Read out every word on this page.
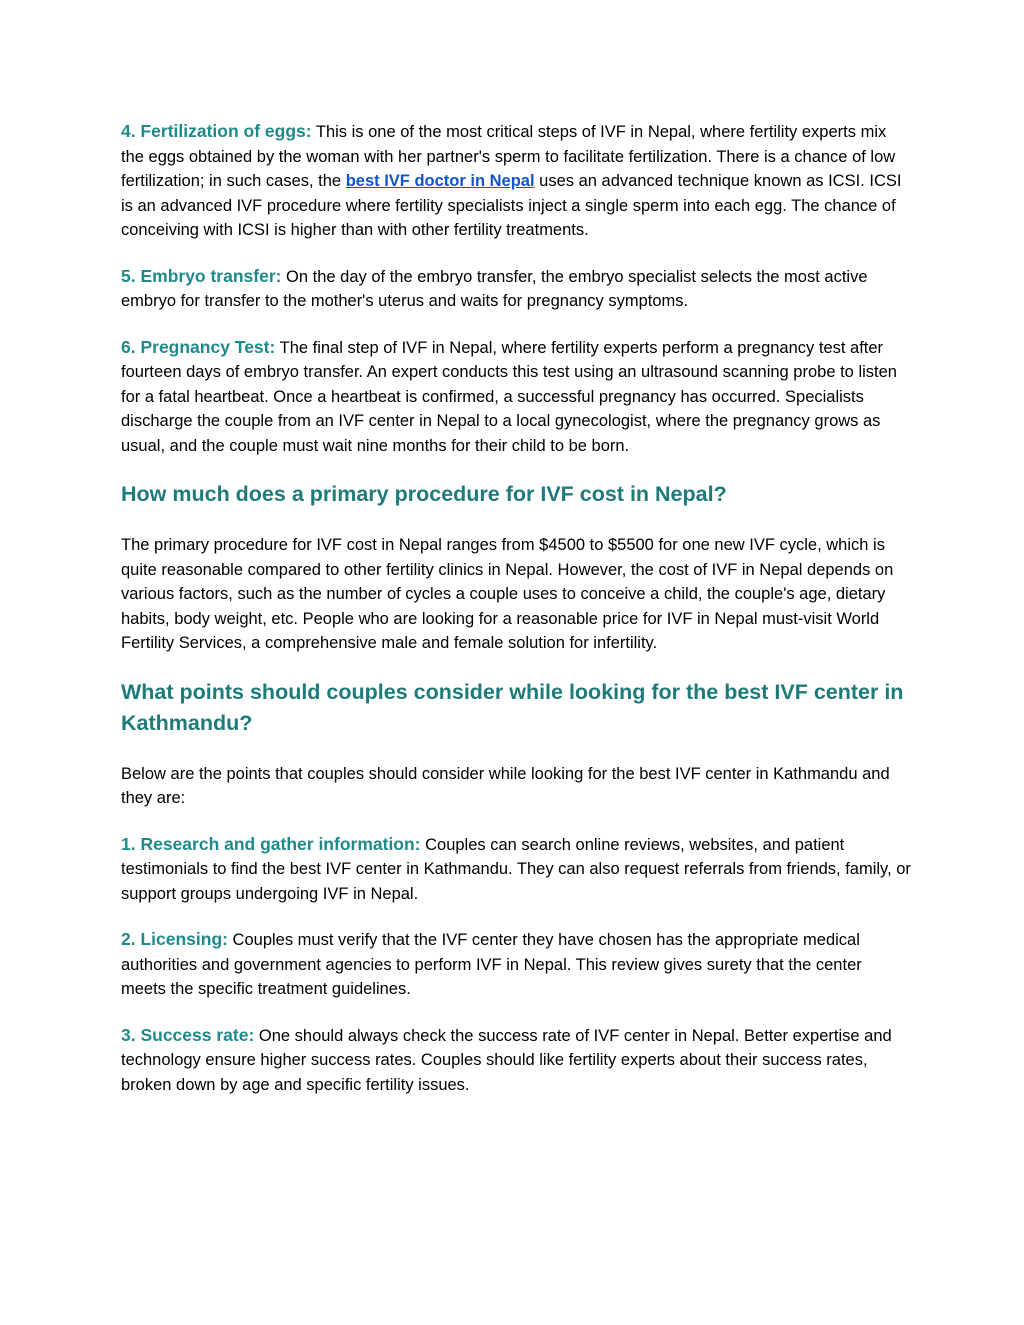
4. Fertilization of eggs: This is one of the most critical steps of IVF in Nepal, where fertility experts mix the eggs obtained by the woman with her partner's sperm to facilitate fertilization. There is a chance of low fertilization; in such cases, the best IVF doctor in Nepal uses an advanced technique known as ICSI. ICSI is an advanced IVF procedure where fertility specialists inject a single sperm into each egg. The chance of conceiving with ICSI is higher than with other fertility treatments.

5. Embryo transfer: On the day of the embryo transfer, the embryo specialist selects the most active embryo for transfer to the mother's uterus and waits for pregnancy symptoms.

6. Pregnancy Test: The final step of IVF in Nepal, where fertility experts perform a pregnancy test after fourteen days of embryo transfer. An expert conducts this test using an ultrasound scanning probe to listen for a fatal heartbeat. Once a heartbeat is confirmed, a successful pregnancy has occurred. Specialists discharge the couple from an IVF center in Nepal to a local gynecologist, where the pregnancy grows as usual, and the couple must wait nine months for their child to be born.

How much does a primary procedure for IVF cost in Nepal?

The primary procedure for IVF cost in Nepal ranges from $4500 to $5500 for one new IVF cycle, which is quite reasonable compared to other fertility clinics in Nepal. However, the cost of IVF in Nepal depends on various factors, such as the number of cycles a couple uses to conceive a child, the couple's age, dietary habits, body weight, etc. People who are looking for a reasonable price for IVF in Nepal must-visit World Fertility Services, a comprehensive male and female solution for infertility.

What points should couples consider while looking for the best IVF center in Kathmandu?

Below are the points that couples should consider while looking for the best IVF center in Kathmandu and they are:

1. Research and gather information: Couples can search online reviews, websites, and patient testimonials to find the best IVF center in Kathmandu. They can also request referrals from friends, family, or support groups undergoing IVF in Nepal.

2. Licensing: Couples must verify that the IVF center they have chosen has the appropriate medical authorities and government agencies to perform IVF in Nepal. This review gives surety that the center meets the specific treatment guidelines.

3. Success rate: One should always check the success rate of IVF center in Nepal. Better expertise and technology ensure higher success rates. Couples should like fertility experts about their success rates, broken down by age and specific fertility issues.
